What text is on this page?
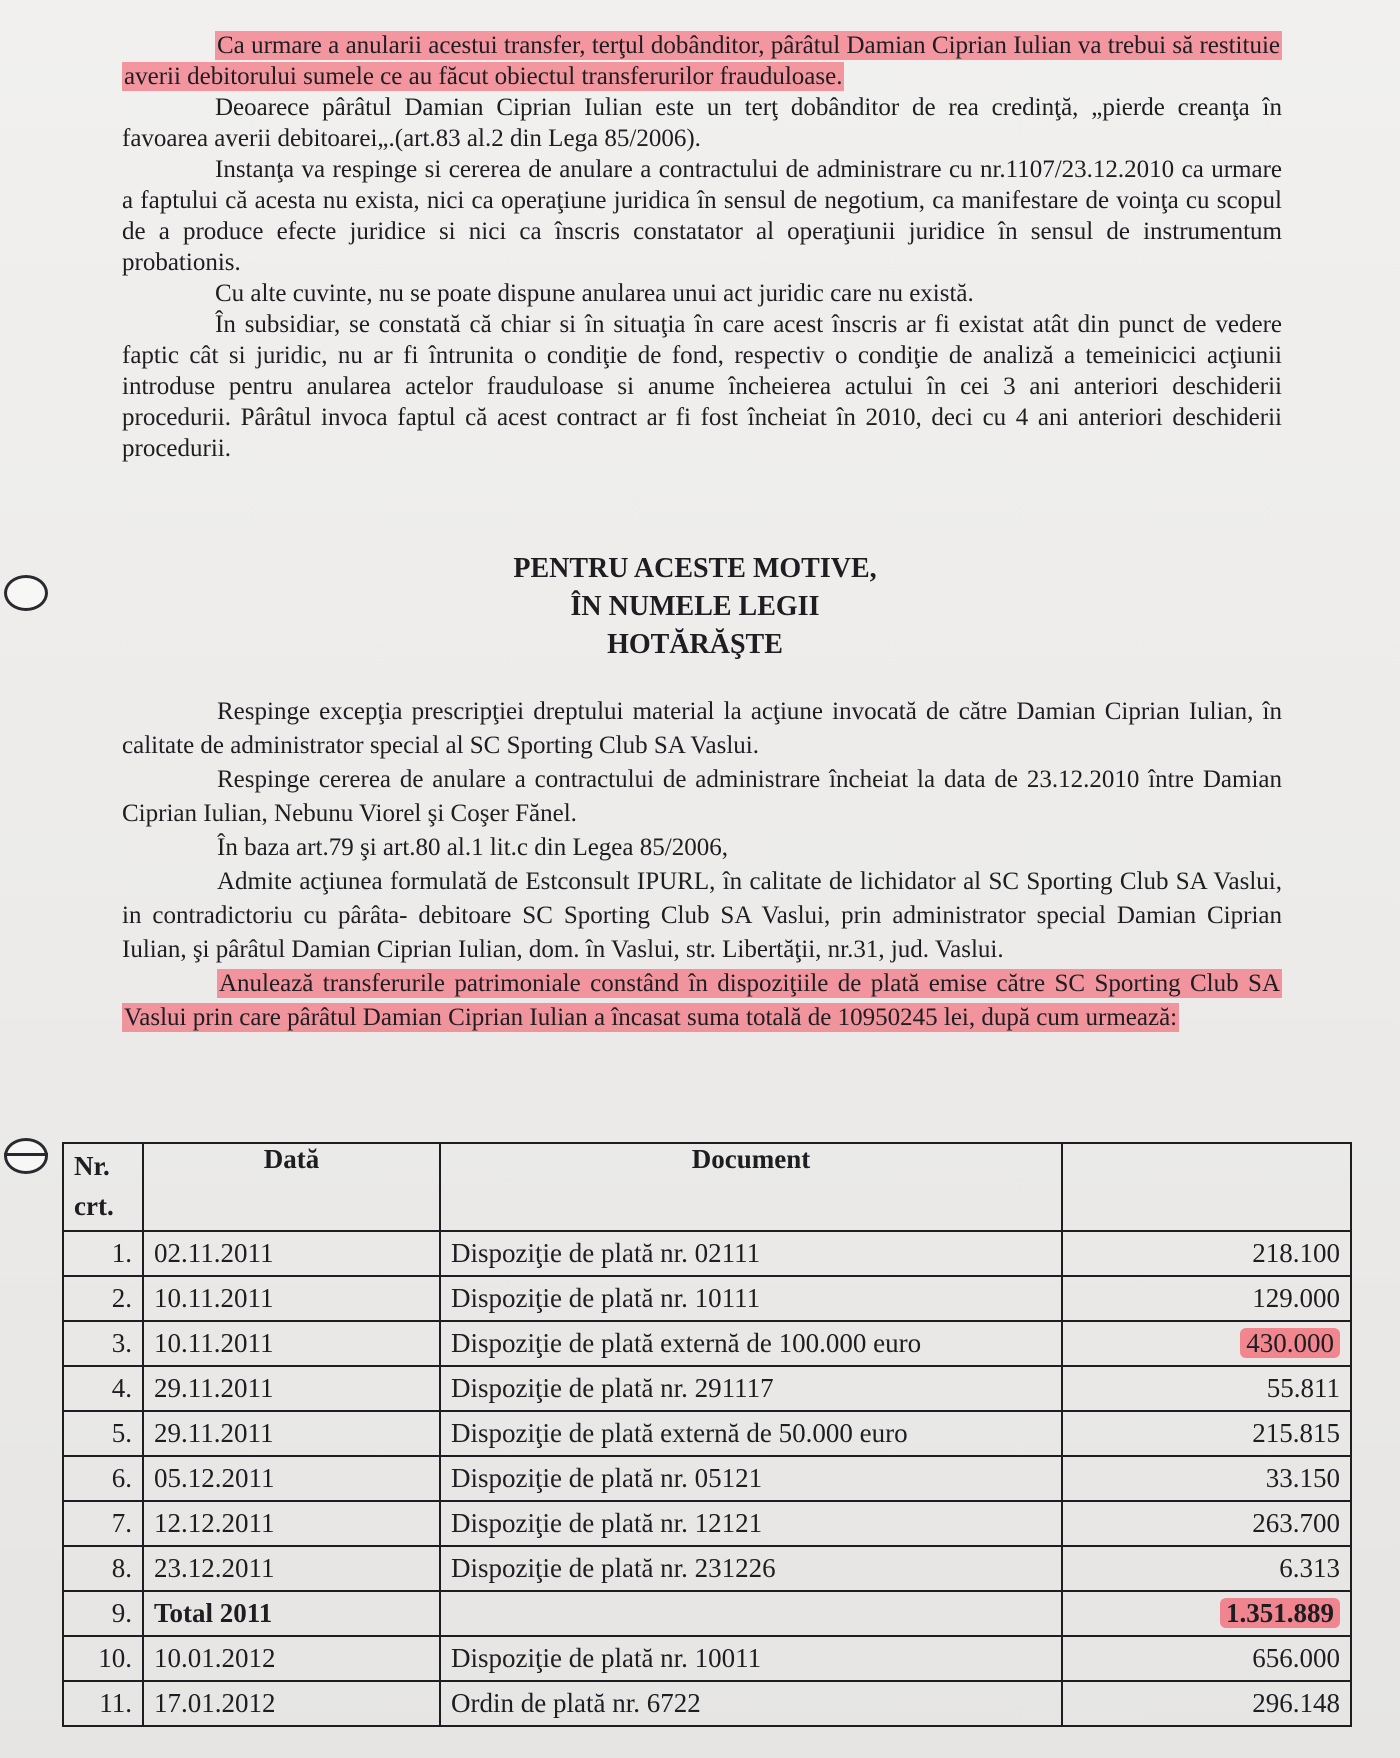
Ca urmare a anularii acestui transfer, terţul dobânditor, pârâtul Damian Ciprian Iulian va trebui să restituie averii debitorului sumele ce au făcut obiectul transferurilor frauduloase.

Deoarece pârâtul Damian Ciprian Iulian este un terţ dobânditor de rea credinţă, „pierde creanţa în favoarea averii debitoarei„.(art.83 al.2 din Lega 85/2006).

Instanţa va respinge si cererea de anulare a contractului de administrare cu nr.1107/23.12.2010 ca urmare a faptului că acesta nu exista, nici ca operaţiune juridica în sensul de negotium, ca manifestare de voinţa cu scopul de a produce efecte juridice si nici ca înscris constatator al operaţiunii juridice în sensul de instrumentum probationis.

Cu alte cuvinte, nu se poate dispune anularea unui act juridic care nu există.

În subsidiar, se constată că chiar si în situaţia în care acest înscris ar fi existat atât din punct de vedere faptic cât si juridic, nu ar fi întrunita o condiţie de fond, respectiv o condiţie de analiză a temeinicici acţiunii introduse pentru anularea actelor frauduloase si anume încheierea actului în cei 3 ani anteriori deschiderii procedurii. Pârâtul invoca faptul că acest contract ar fi fost încheiat în 2010, deci cu 4 ani anteriori deschiderii procedurii.

PENTRU ACESTE MOTIVE,
ÎN NUMELE LEGII
HOTĂRĂŞTE

Respinge excepţia prescripţiei dreptului material la acţiune invocată de către Damian Ciprian Iulian, în calitate de administrator special al SC Sporting Club SA Vaslui.

Respinge cererea de anulare a contractului de administrare încheiat la data de 23.12.2010 între Damian Ciprian Iulian, Nebunu Viorel şi Coşer Fănel.

În baza art.79 şi art.80 al.1 lit.c din Legea 85/2006,

Admite acţiunea formulată de Estconsult IPURL, în calitate de lichidator al SC Sporting Club SA Vaslui, in contradictoriu cu pârâta- debitoare SC Sporting Club SA Vaslui, prin administrator special Damian Ciprian Iulian, şi pârâtul Damian Ciprian Iulian, dom. în Vaslui, str. Libertăţii, nr.31, jud. Vaslui.

Anulează transferurile patrimoniale constând în dispoziţiile de plată emise către SC Sporting Club SA Vaslui prin care pârâtul Damian Ciprian Iulian a încasat suma totală de 10950245 lei, după cum urmează:

Nr.
crt.	Dată	Document	
1.	02.11.2011	Dispoziţie de plată nr. 02111	218.100
2.	10.11.2011	Dispoziţie de plată nr. 10111	129.000
3.	10.11.2011	Dispoziţie de plată externă de 100.000 euro	430.000
4.	29.11.2011	Dispoziţie de plată nr. 291117	55.811
5.	29.11.2011	Dispoziţie de plată externă de 50.000 euro	215.815
6.	05.12.2011	Dispoziţie de plată nr. 05121	33.150
7.	12.12.2011	Dispoziţie de plată nr. 12121	263.700
8.	23.12.2011	Dispoziţie de plată nr. 231226	6.313
9.	Total 2011		1.351.889
10.	10.01.2012	Dispoziţie de plată nr. 10011	656.000
11.	17.01.2012	Ordin de plată nr. 6722	296.148
